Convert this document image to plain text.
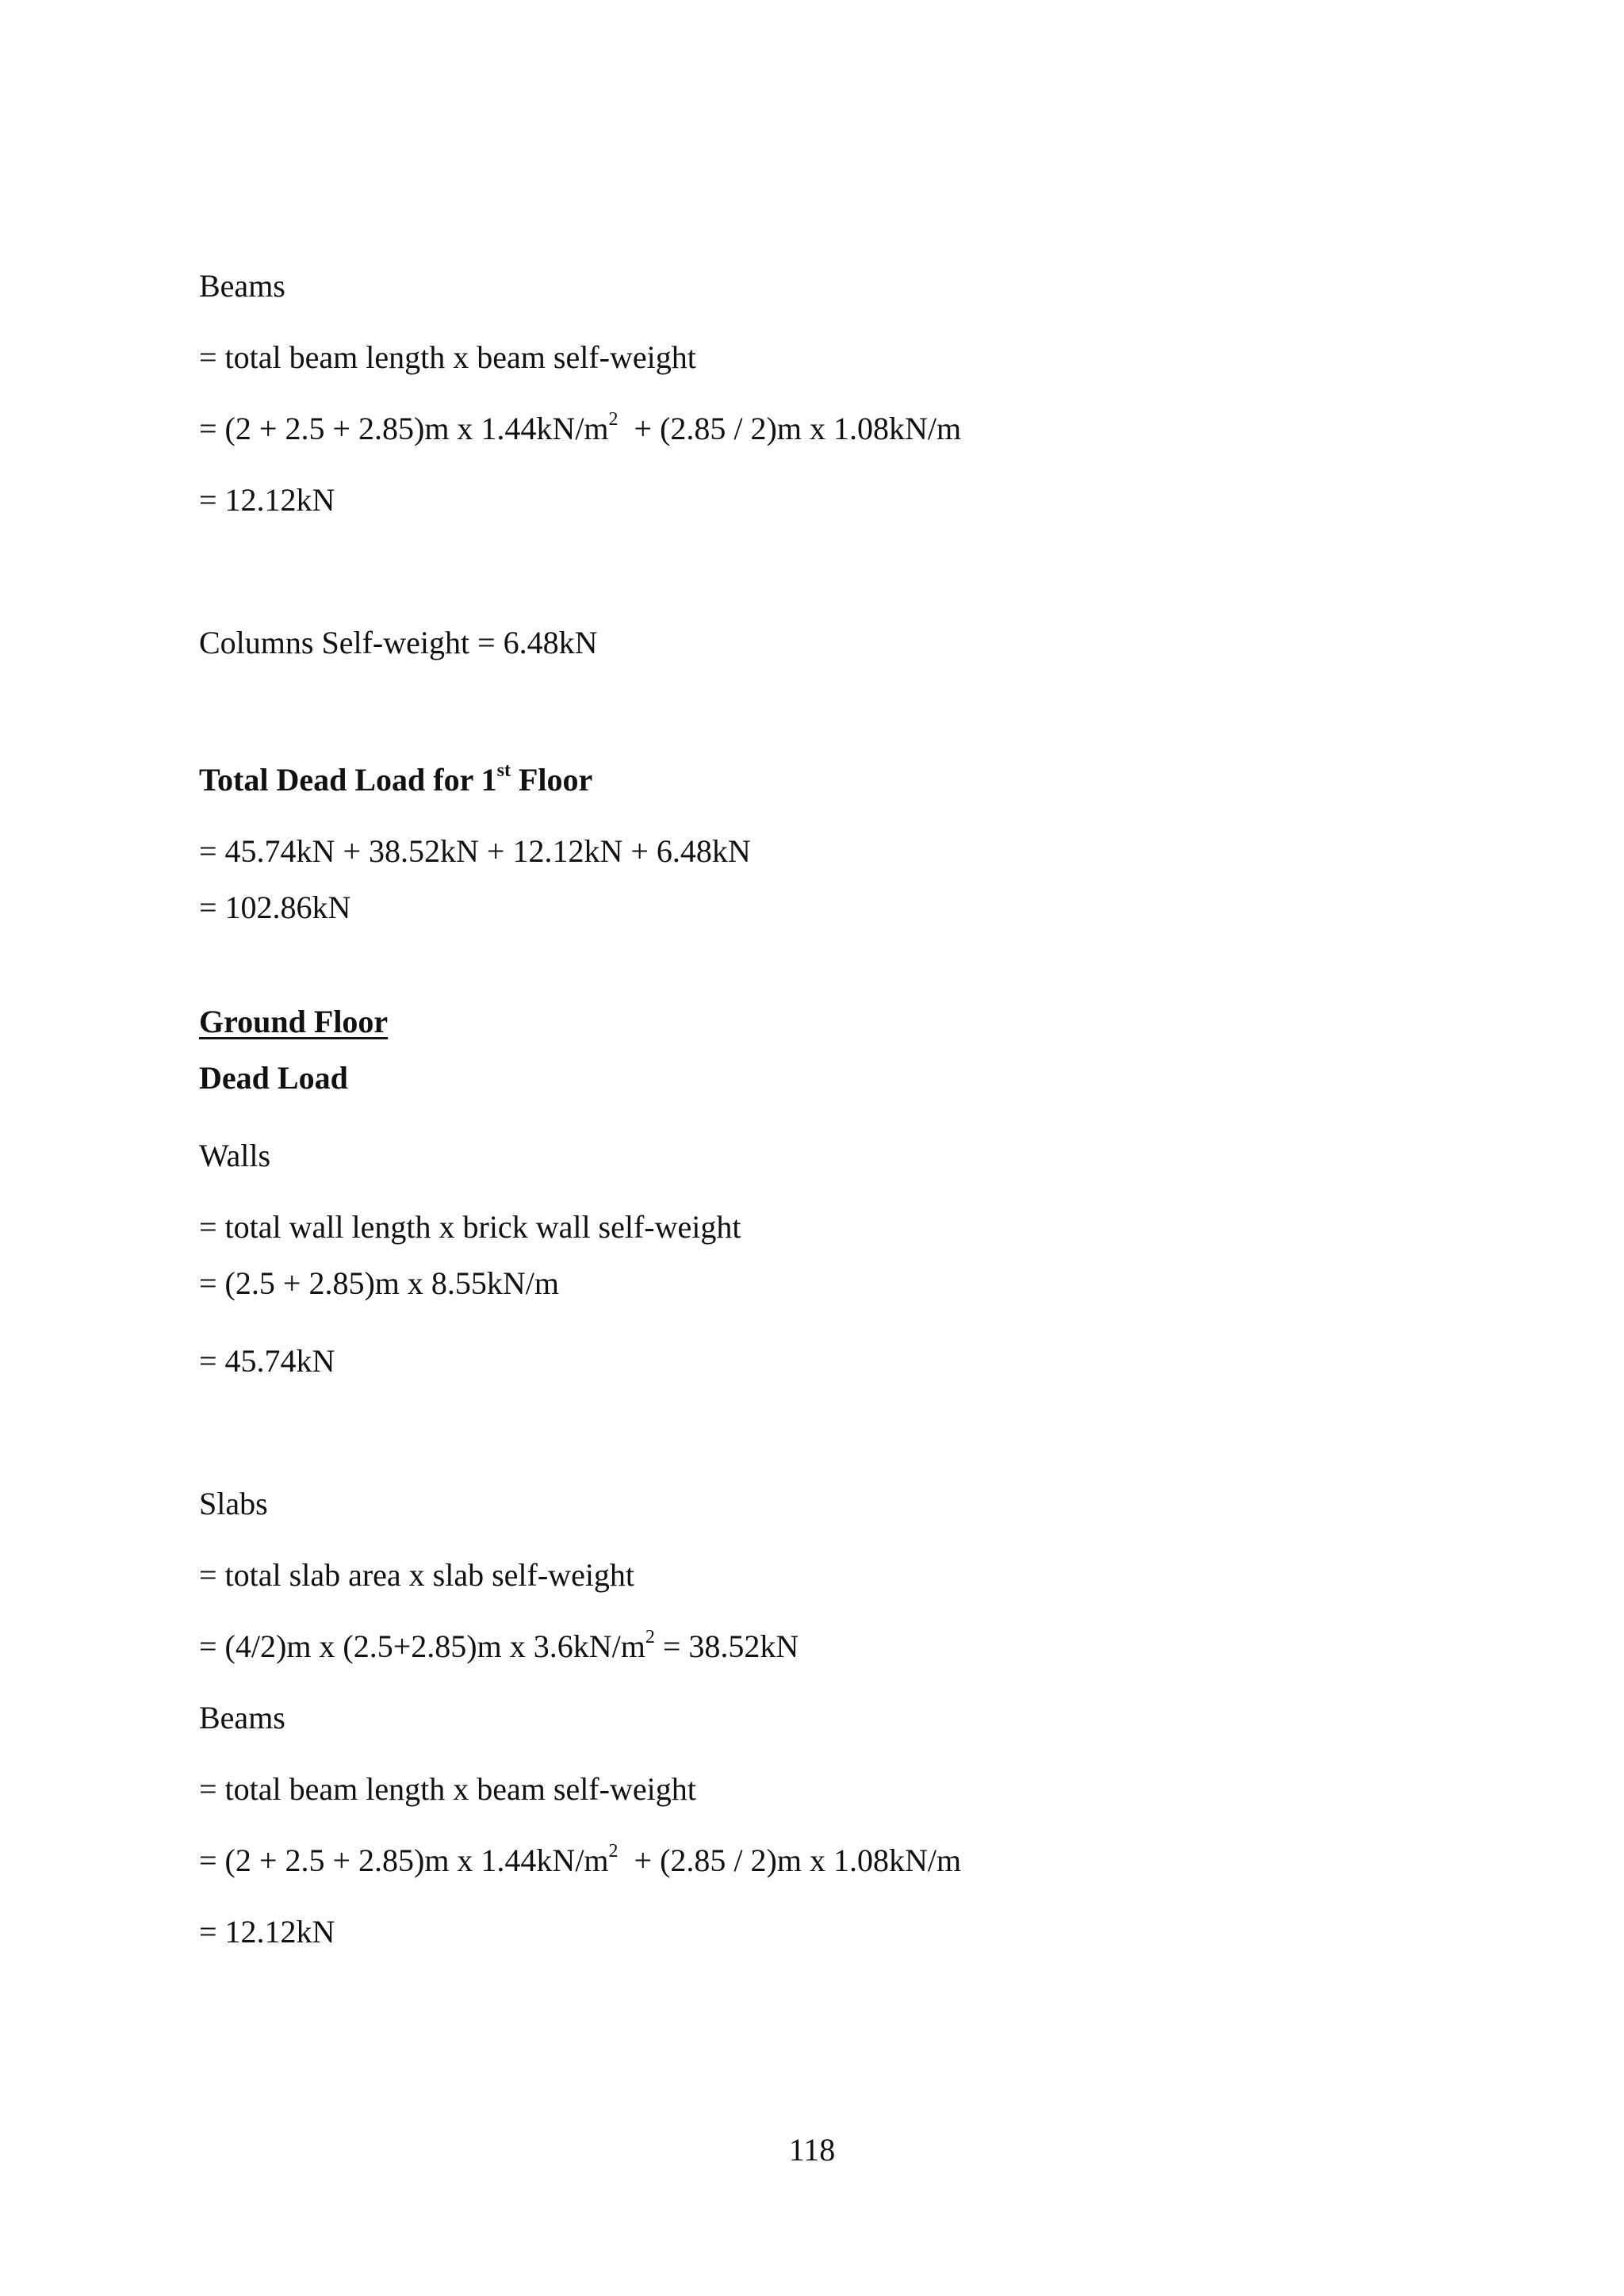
Beams
= total beam length x beam self-weight
= (2 + 2.5 + 2.85)m x $1.44kN/m^2 + (2.85 / 2)m$ x 1.08kN/m
= 12.12kN
Columns Self-weight = 6.48kN
Total Dead Load for 1st Floor
= 45.74kN + 38.52kN + 12.12kN + 6.48kN
= 102.86kN
Ground Floor
Dead Load
Walls
= total wall length x brick wall self-weight
= (2.5 + 2.85)m x 8.55kN/m
= 45.74kN
Slabs
= total slab area x slab self-weight
= (4/2)m x (2.5+2.85)m x $3.6kN/m^2 = 38.52kN$
Beams
= total beam length x beam self-weight
= (2 + 2.5 + 2.85)m x $1.44kN/m^2 + (2.85 / 2)m$ x 1.08kN/m
= 12.12kN
118
